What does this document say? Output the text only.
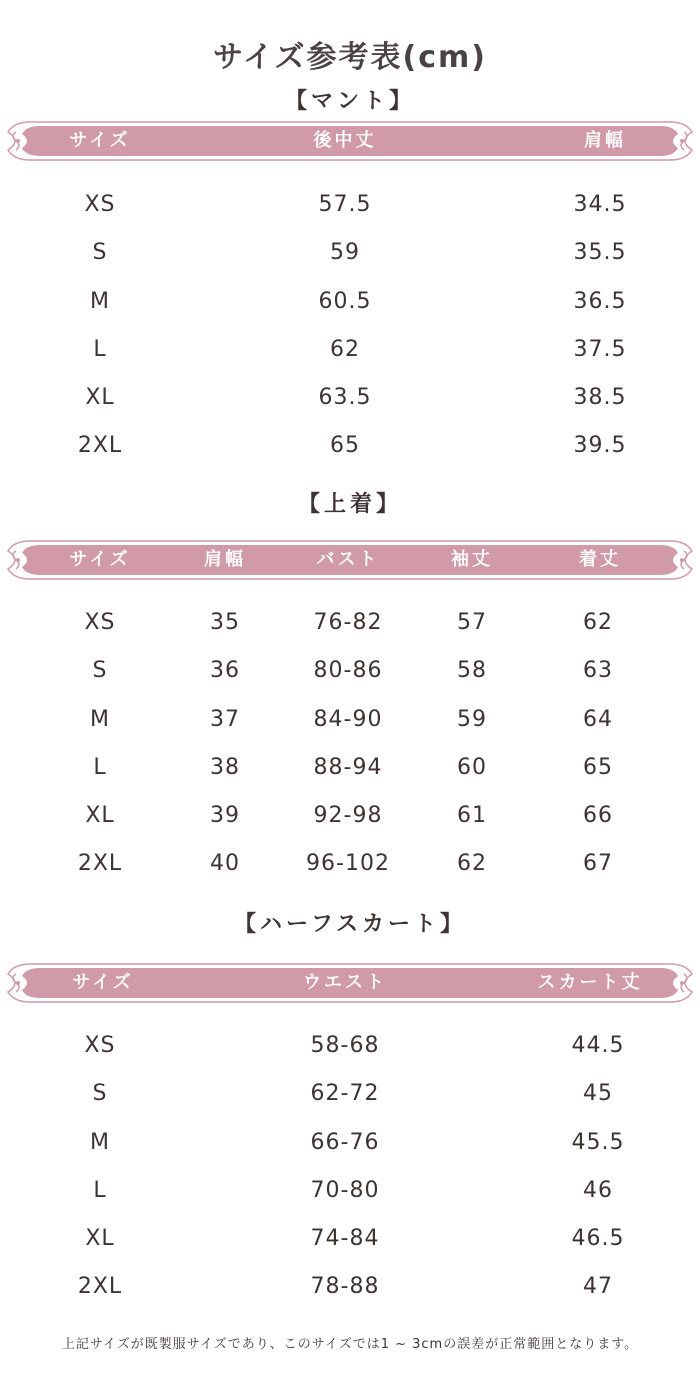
サイズ参考表(cm)
【マント】
サイズ	後中丈	肩幅
XS	57.5	34.5
S	59	35.5
M	60.5	36.5
L	62	37.5
XL	63.5	38.5
2XL	65	39.5
【上着】
サイズ	肩幅	バスト	袖丈	着丈
XS	35	76-82	57	62
S	36	80-86	58	63
M	37	84-90	59	64
L	38	88-94	60	65
XL	39	92-98	61	66
2XL	40	96-102	62	67
【ハーフスカート】
サイズ	ウエスト	スカート丈
XS	58-68	44.5
S	62-72	45
M	66-76	45.5
L	70-80	46
XL	74-84	46.5
2XL	78-88	47
上記サイズが既製服サイズであり、このサイズでは1 ~ 3cmの誤差が正常範囲となります。
